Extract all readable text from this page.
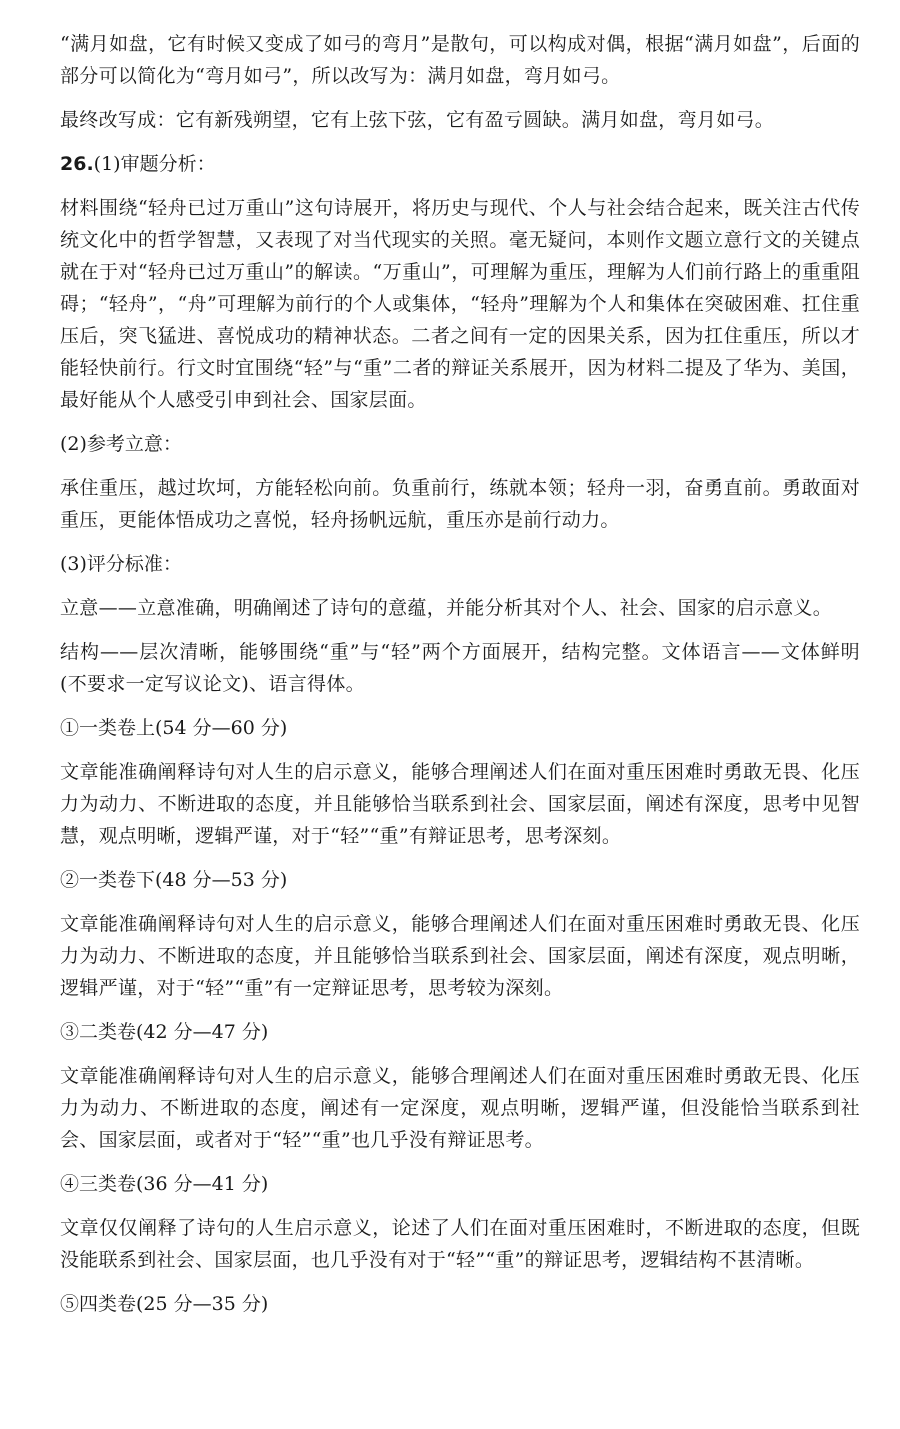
“满月如盘，它有时候又变成了如弓的弯月”是散句，可以构成对偶，根据“满月如盘”，后面的部分可以简化为“弯月如弓”，所以改写为：满月如盘，弯月如弓。

最终改写成：它有新残朔望，它有上弦下弦，它有盈亏圆缺。满月如盘，弯月如弓。

26.(1)审题分析：

材料围绕“轻舟已过万重山”这句诗展开，将历史与现代、个人与社会结合起来，既关注古代传统文化中的哲学智慧，又表现了对当代现实的关照。毫无疑问，本则作文题立意行文的关键点就在于对“轻舟已过万重山”的解读。“万重山”，可理解为重压，理解为人们前行路上的重重阻碍；“轻舟”，“舟”可理解为前行的个人或集体，“轻舟”理解为个人和集体在突破困难、扛住重压后，突飞猛进、喜悦成功的精神状态。二者之间有一定的因果关系，因为扛住重压，所以才能轻快前行。行文时宜围绕“轻”与“重”二者的辩证关系展开，因为材料二提及了华为、美国，最好能从个人感受引申到社会、国家层面。

(2)参考立意：

承住重压，越过坎坷，方能轻松向前。负重前行，练就本领；轻舟一羽，奋勇直前。勇敢面对重压，更能体悟成功之喜悦，轻舟扬帆远航，重压亦是前行动力。

(3)评分标准：

立意——立意准确，明确阐述了诗句的意蕴，并能分析其对个人、社会、国家的启示意义。

结构——层次清晰，能够围绕“重”与“轻”两个方面展开，结构完整。文体语言——文体鲜明(不要求一定写议论文)、语言得体。

①一类卷上(54 分—60 分)

文章能准确阐释诗句对人生的启示意义，能够合理阐述人们在面对重压困难时勇敢无畏、化压力为动力、不断进取的态度，并且能够恰当联系到社会、国家层面，阐述有深度，思考中见智慧，观点明晰，逻辑严谨，对于“轻”“重”有辩证思考，思考深刻。

②一类卷下(48 分—53 分)

文章能准确阐释诗句对人生的启示意义，能够合理阐述人们在面对重压困难时勇敢无畏、化压力为动力、不断进取的态度，并且能够恰当联系到社会、国家层面，阐述有深度，观点明晰，逻辑严谨，对于“轻”“重”有一定辩证思考，思考较为深刻。

③二类卷(42 分—47 分)

文章能准确阐释诗句对人生的启示意义，能够合理阐述人们在面对重压困难时勇敢无畏、化压力为动力、不断进取的态度，阐述有一定深度，观点明晰，逻辑严谨，但没能恰当联系到社会、国家层面，或者对于“轻”“重”也几乎没有辩证思考。

④三类卷(36 分—41 分)

文章仅仅阐释了诗句的人生启示意义，论述了人们在面对重压困难时，不断进取的态度，但既没能联系到社会、国家层面，也几乎没有对于“轻”“重”的辩证思考，逻辑结构不甚清晰。

⑤四类卷(25 分—35 分)
